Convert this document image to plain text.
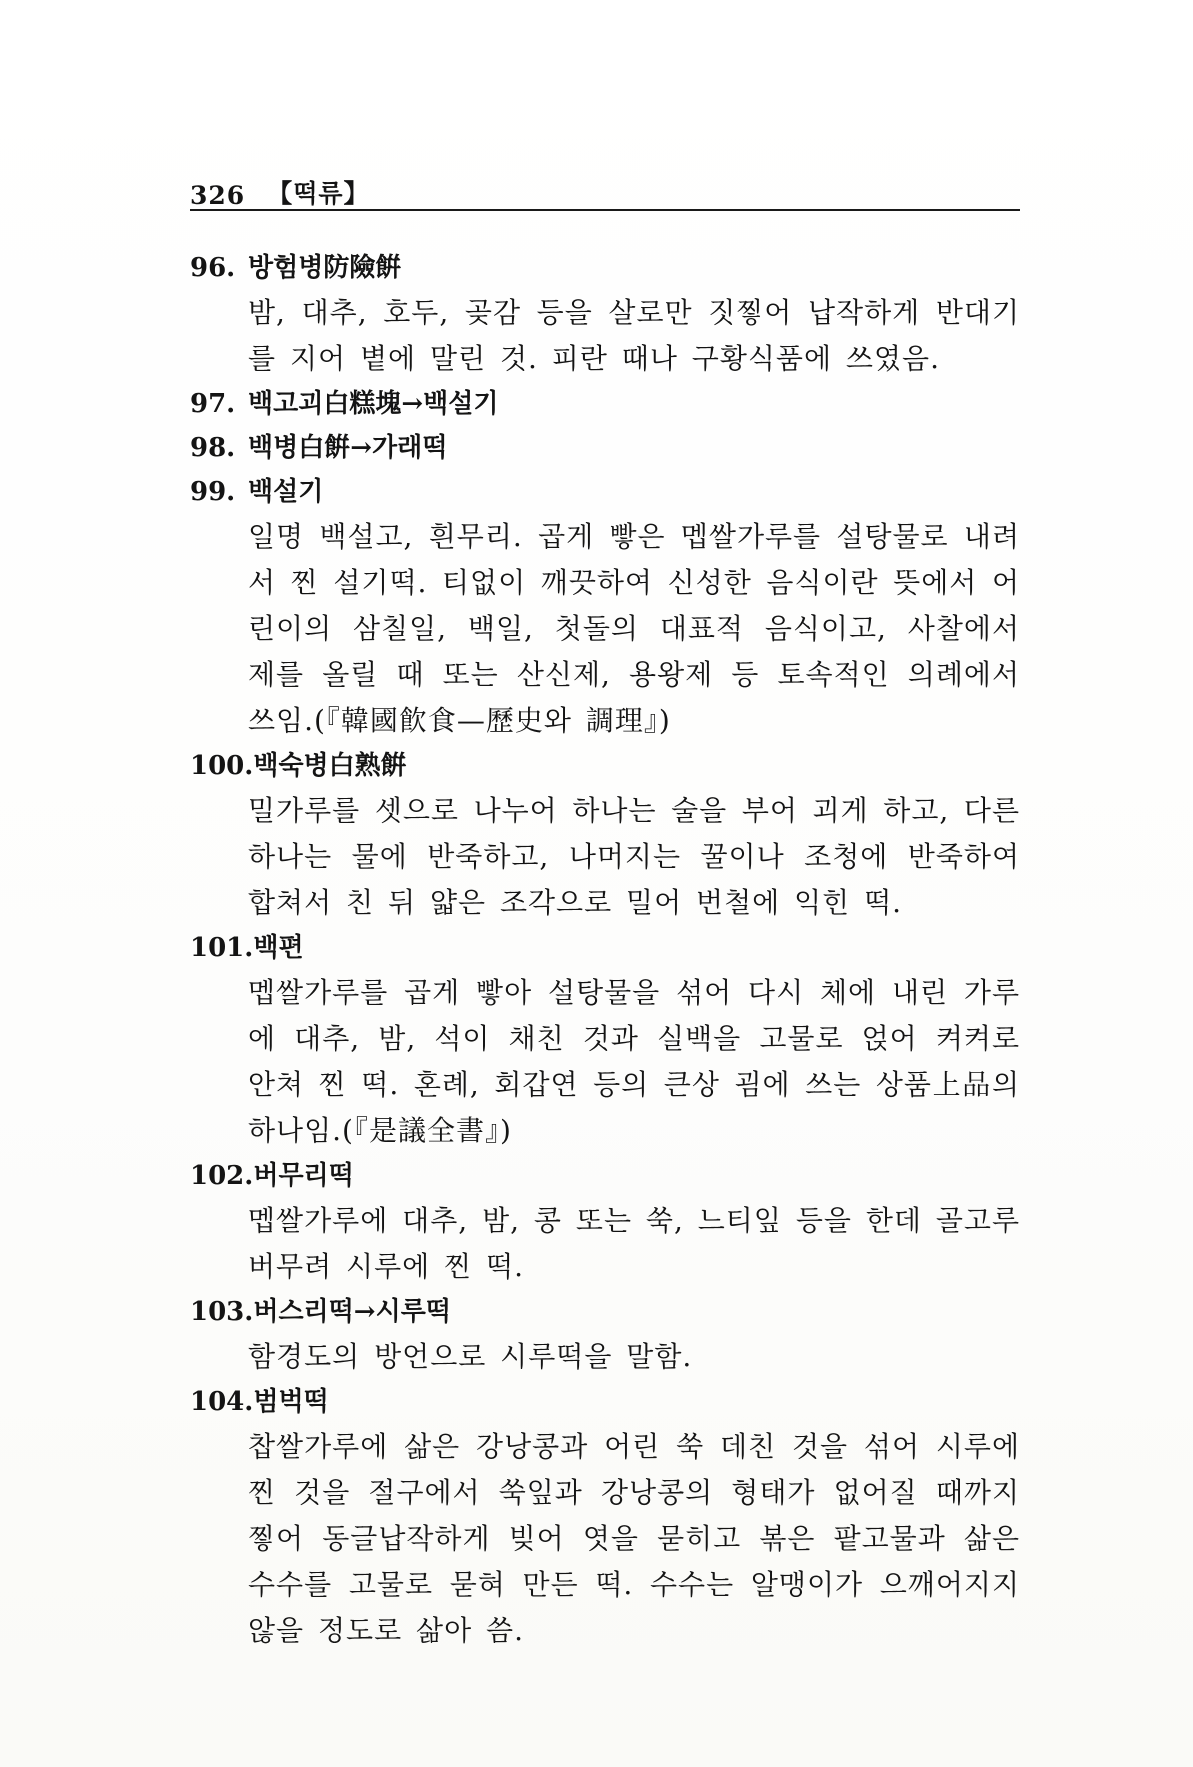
326 【떡류】
96. 방험병防險餠
밤, 대추, 호두, 곶감 등을 살로만 짓찧어 납작하게 반대기를 지어 볕에 말린 것. 피란 때나 구황식품에 쓰였음.
97. 백고괴白糕塊→백설기
98. 백병白餠→가래떡
99. 백설기
일명 백설고, 흰무리. 곱게 빻은 멥쌀가루를 설탕물로 내려서 찐 설기떡. 티없이 깨끗하여 신성한 음식이란 뜻에서 어린이의 삼칠일, 백일, 첫돌의 대표적 음식이고, 사찰에서 제를 올릴 때 또는 산신제, 용왕제 등 토속적인 의례에서 쓰임.(『韓國飮食—歷史와 調理』)
100. 백숙병白熟餠
밀가루를 셋으로 나누어 하나는 술을 부어 괴게 하고, 다른 하나는 물에 반죽하고, 나머지는 꿀이나 조청에 반죽하여 합쳐서 친 뒤 얇은 조각으로 밀어 번철에 익힌 떡.
101. 백편
멥쌀가루를 곱게 빻아 설탕물을 섞어 다시 체에 내린 가루에 대추, 밤, 석이 채친 것과 실백을 고물로 얹어 켜켜로 안쳐 찐 떡. 혼례, 회갑연 등의 큰상 굄에 쓰는 상품上品의 하나임.(『是議全書』)
102. 버무리떡
멥쌀가루에 대추, 밤, 콩 또는 쑥, 느티잎 등을 한데 골고루 버무려 시루에 찐 떡.
103. 버스리떡→시루떡
함경도의 방언으로 시루떡을 말함.
104. 범벅떡
찹쌀가루에 삶은 강낭콩과 어린 쑥 데친 것을 섞어 시루에 찐 것을 절구에서 쑥잎과 강낭콩의 형태가 없어질 때까지 찧어 동글납작하게 빚어 엿을 묻히고 볶은 팥고물과 삶은 수수를 고물로 묻혀 만든 떡. 수수는 알맹이가 으깨어지지 않을 정도로 삶아 씀.
